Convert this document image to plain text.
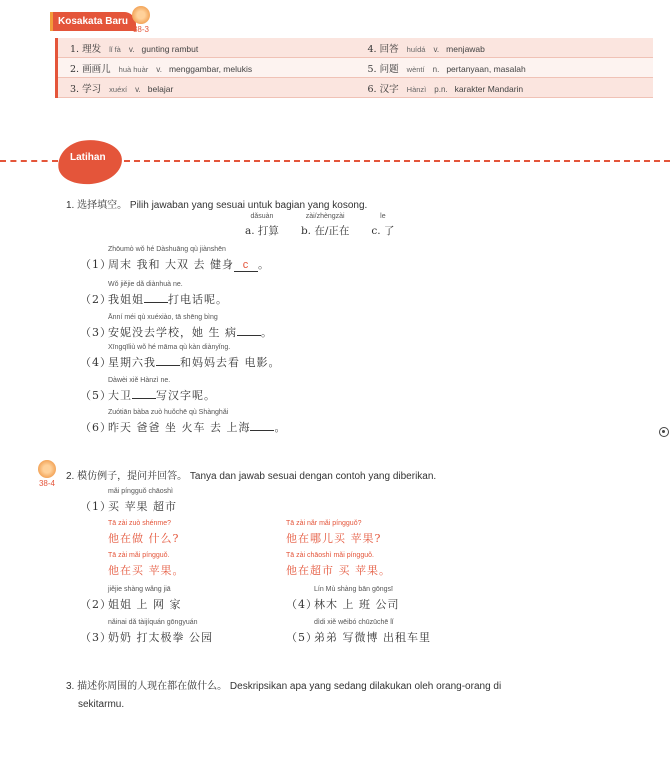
Kosakata Baru
38-3
1. 理发 lǐ fà v. gunting rambut	4. 回答 huídá v. menjawab
2. 画画儿 huà huàr v. menggambar, melukis	5. 问题 wèntí n. pertanyaan, masalah
3. 学习 xuéxí v. belajar	6. 汉字 Hànzì p.n. karakter Mandarin
Latihan
1. 选择填空。 Pilih jawaban yang sesuai untuk bagian yang kosong.
dǎsuàn
a. 打算
zài/zhèngzài
b. 在/正在
le
c. 了
Zhōumò wǒ hé Dàshuāng qù jiànshēn
（1）周末 我和 大双 去 健身 c 。
Wǒ jiějie dǎ diànhuà ne.
（2）我姐姐 打电话呢。
Ānní méi qù xuéxiào, tā shēng bìng
（3）安妮没去学校，她 生 病 。
Xīngqīliù wǒ hé māma qù kàn diànyǐng.
（4）星期六我 和妈妈去看 电影。
Dàwèi xiě Hànzì ne.
（5）大卫 写汉字呢。
Zuótiān bàba zuò huǒchē qù Shànghǎi
（6）昨天 爸爸 坐 火车 去 上海 。
38-4
2. 模仿例子，提问并回答。 Tanya dan jawab sesuai dengan contoh yang diberikan.
mǎi píngguǒ chāoshì
（1）买 苹果 超市
Tā zài zuò shénme?
他在做 什么?
Tā zài mǎi píngguǒ.
他在买 苹果。
Tā zài nǎr mǎi píngguǒ?
他在哪儿买 苹果?
Tā zài chāoshì mǎi píngguǒ.
他在超市 买 苹果。
jiějie shàng wǎng jiā
（2）姐姐 上 网 家
Lín Mù shàng bān gōngsī
（4）林木 上 班 公司
nǎinai dǎ tàijíquán gōngyuán
（3）奶奶 打太极拳 公园
dìdi xiě wēibó chūzūchē lǐ
（5）弟弟 写微博 出租车里
3. 描述你周围的人现在都在做什么。 Deskripsikan apa yang sedang dilakukan oleh orang-orang di
sekitarmu.
